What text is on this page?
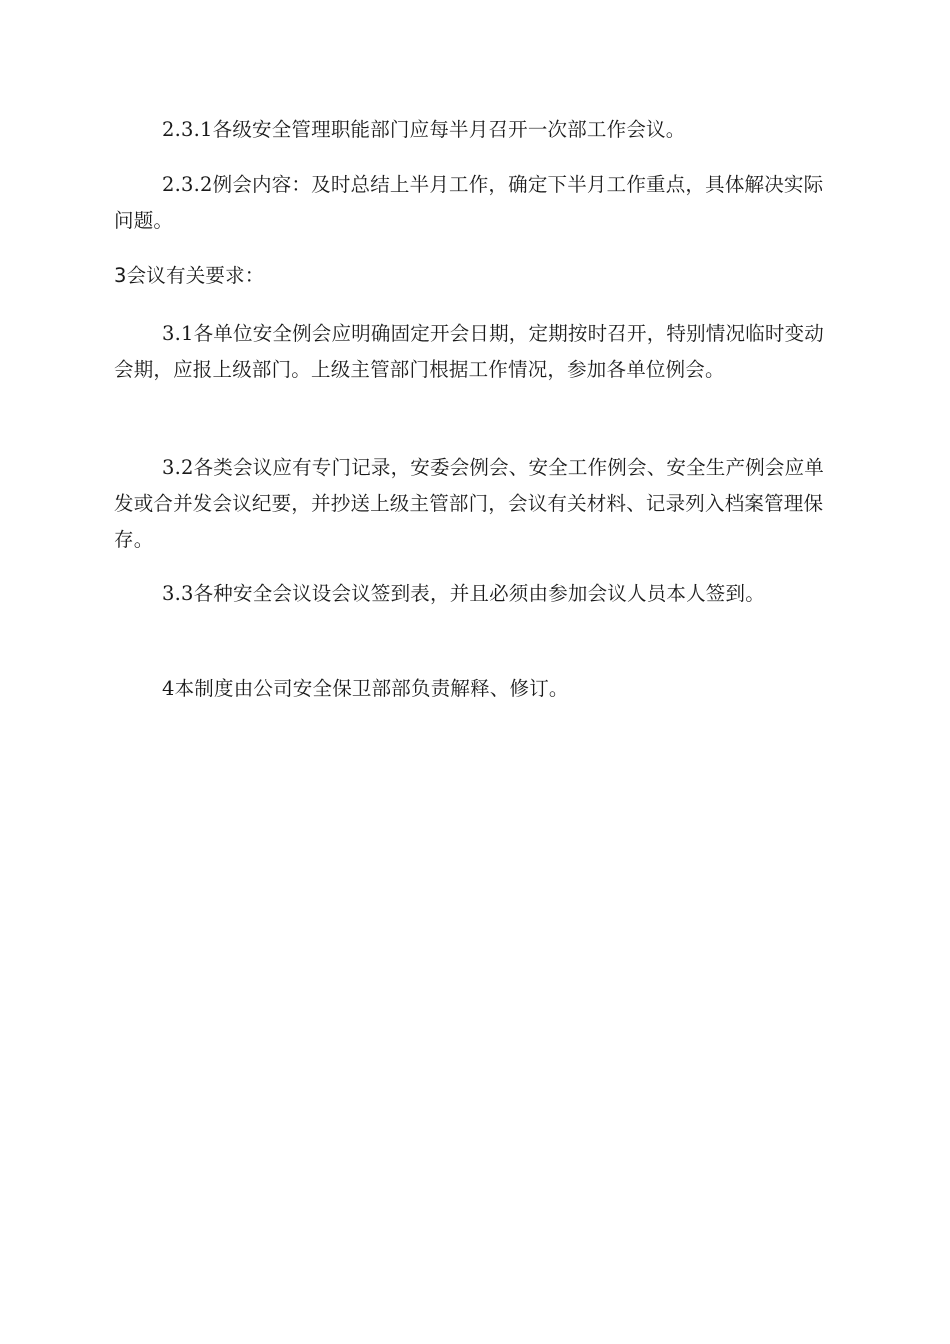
2.3.1各级安全管理职能部门应每半月召开一次部工作会议。

2.3.2例会内容：及时总结上半月工作，确定下半月工作重点，具体解决实际问题。

3会议有关要求：

3.1各单位安全例会应明确固定开会日期，定期按时召开，特别情况临时变动会期，应报上级部门。上级主管部门根据工作情况，参加各单位例会。

3.2各类会议应有专门记录，安委会例会、安全工作例会、安全生产例会应单发或合并发会议纪要，并抄送上级主管部门，会议有关材料、记录列入档案管理保存。

3.3各种安全会议设会议签到表，并且必须由参加会议人员本人签到。

4本制度由公司安全保卫部部负责解释、修订。
